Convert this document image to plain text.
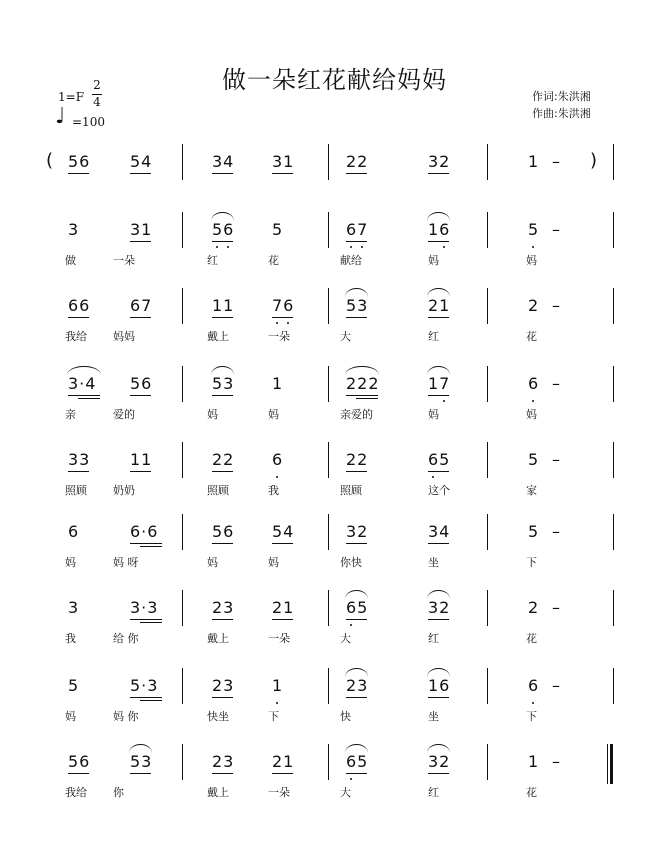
做一朵红花献给妈妈
1=F
2
4
♩ =100
作词:朱洪湘
作曲:朱洪湘
(	)
56 54	34 31	22	32	1 –
3	31
做	一朵
56 5
红	花
67	16
献给	妈
5 –
妈
66 67
我给 妈妈
11 76
戴上	一朵
53	21
大	红
2 –
花
3·4 56
亲	爱的
53 1
妈	妈
222	17
亲爱的	妈
6 –
妈
33 11
照顾 奶奶
22 6
照顾	我
22	65
照顾	这个
5 –
家
6	6·6
妈	妈 呀
56 54
妈	妈
32	34
你快	坐
5 –
下
3	3·3
我	给 你
23 21
戴上	一朵
65	32
大	红
2 –
花
5	5·3
妈	妈 你
23 1
快坐	下
23	16
快	坐
6 –
下
56 53
我给 你
23 21
戴上	一朵
65	32
大	红
1 –
花
